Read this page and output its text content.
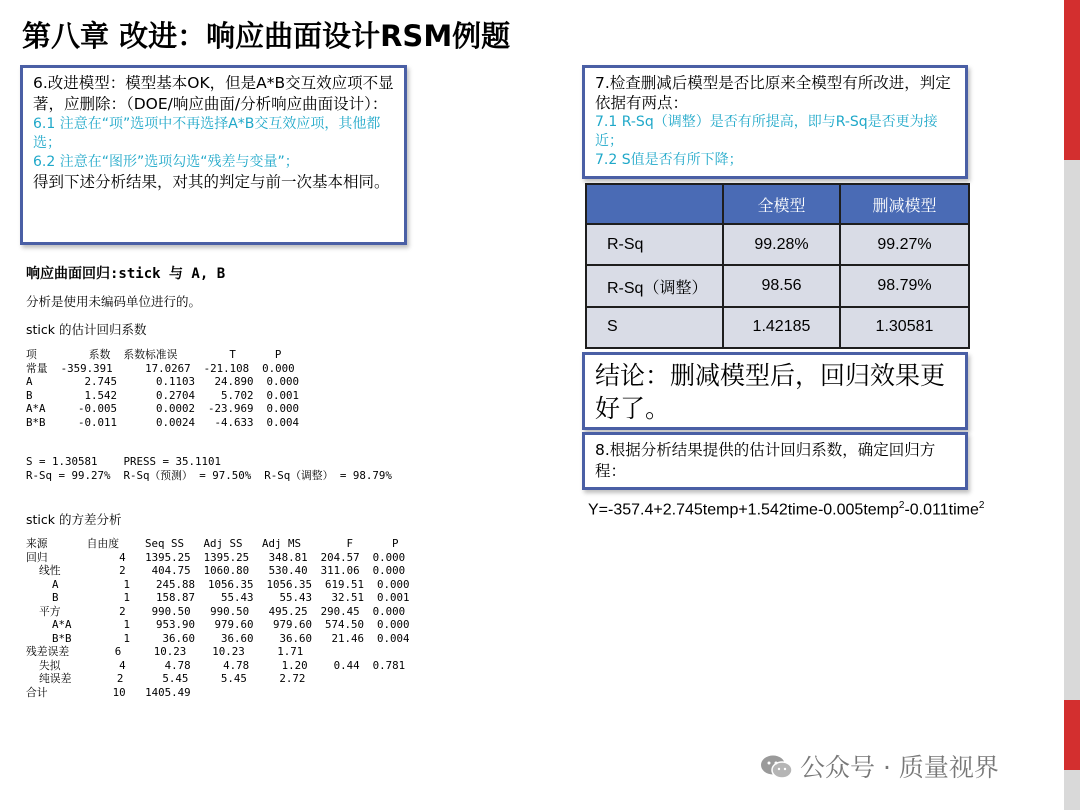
第八章 改进：响应曲面设计RSM例题
6.改进模型：模型基本OK，但是A*B交互效应项不显著，应删除：（DOE/响应曲面/分析响应曲面设计）：
6.1 注意在“项”选项中不再选择A*B交互效应项，其他都选；
6.2 注意在“图形”选项勾选“残差与变量”；
得到下述分析结果，对其的判定与前一次基本相同。
7.检查删减后模型是否比原来全模型有所改进，判定依据有两点：
7.1 R-Sq（调整）是否有所提高，即与R-Sq是否更为接近；
7.2 S值是否有所下降；
	全模型	删减模型
R-Sq	99.28%	99.27%
R-Sq（调整）	98.56	98.79%
S	1.42185	1.30581
结论：删减模型后，回归效果更好了。
8.根据分析结果提供的估计回归系数，确定回归方程：
Y=-357.4+2.745temp+1.542time-0.005temp$^2$-0.011time$^2$
响应曲面回归:stick 与 A, B
分析是使用未编码单位进行的。
stick 的估计回归系数
项        系数  系数标准误        T      P
常量  -359.391     17.0267  -21.108  0.000
A        2.745      0.1103   24.890  0.000
B        1.542      0.2704    5.702  0.001
A*A     -0.005      0.0002  -23.969  0.000
B*B     -0.011      0.0024   -4.633  0.004
S = 1.30581    PRESS = 35.1101
R-Sq = 99.27%  R-Sq（预测） = 97.50%  R-Sq（调整） = 98.79%
stick 的方差分析
来源      自由度    Seq SS   Adj SS   Adj MS       F      P
回归           4   1395.25  1395.25   348.81  204.57  0.000
线性         2    404.75  1060.80   530.40  311.06  0.000
A          1    245.88  1056.35  1056.35  619.51  0.000
B          1    158.87    55.43    55.43   32.51  0.001
平方         2    990.50   990.50   495.25  290.45  0.000
A*A        1    953.90   979.60   979.60  574.50  0.000
B*B        1     36.60    36.60    36.60   21.46  0.004
残差误差       6     10.23    10.23     1.71
失拟         4      4.78     4.78     1.20    0.44  0.781
纯误差       2      5.45     5.45     2.72
合计          10   1405.49
公众号 · 质量视界
